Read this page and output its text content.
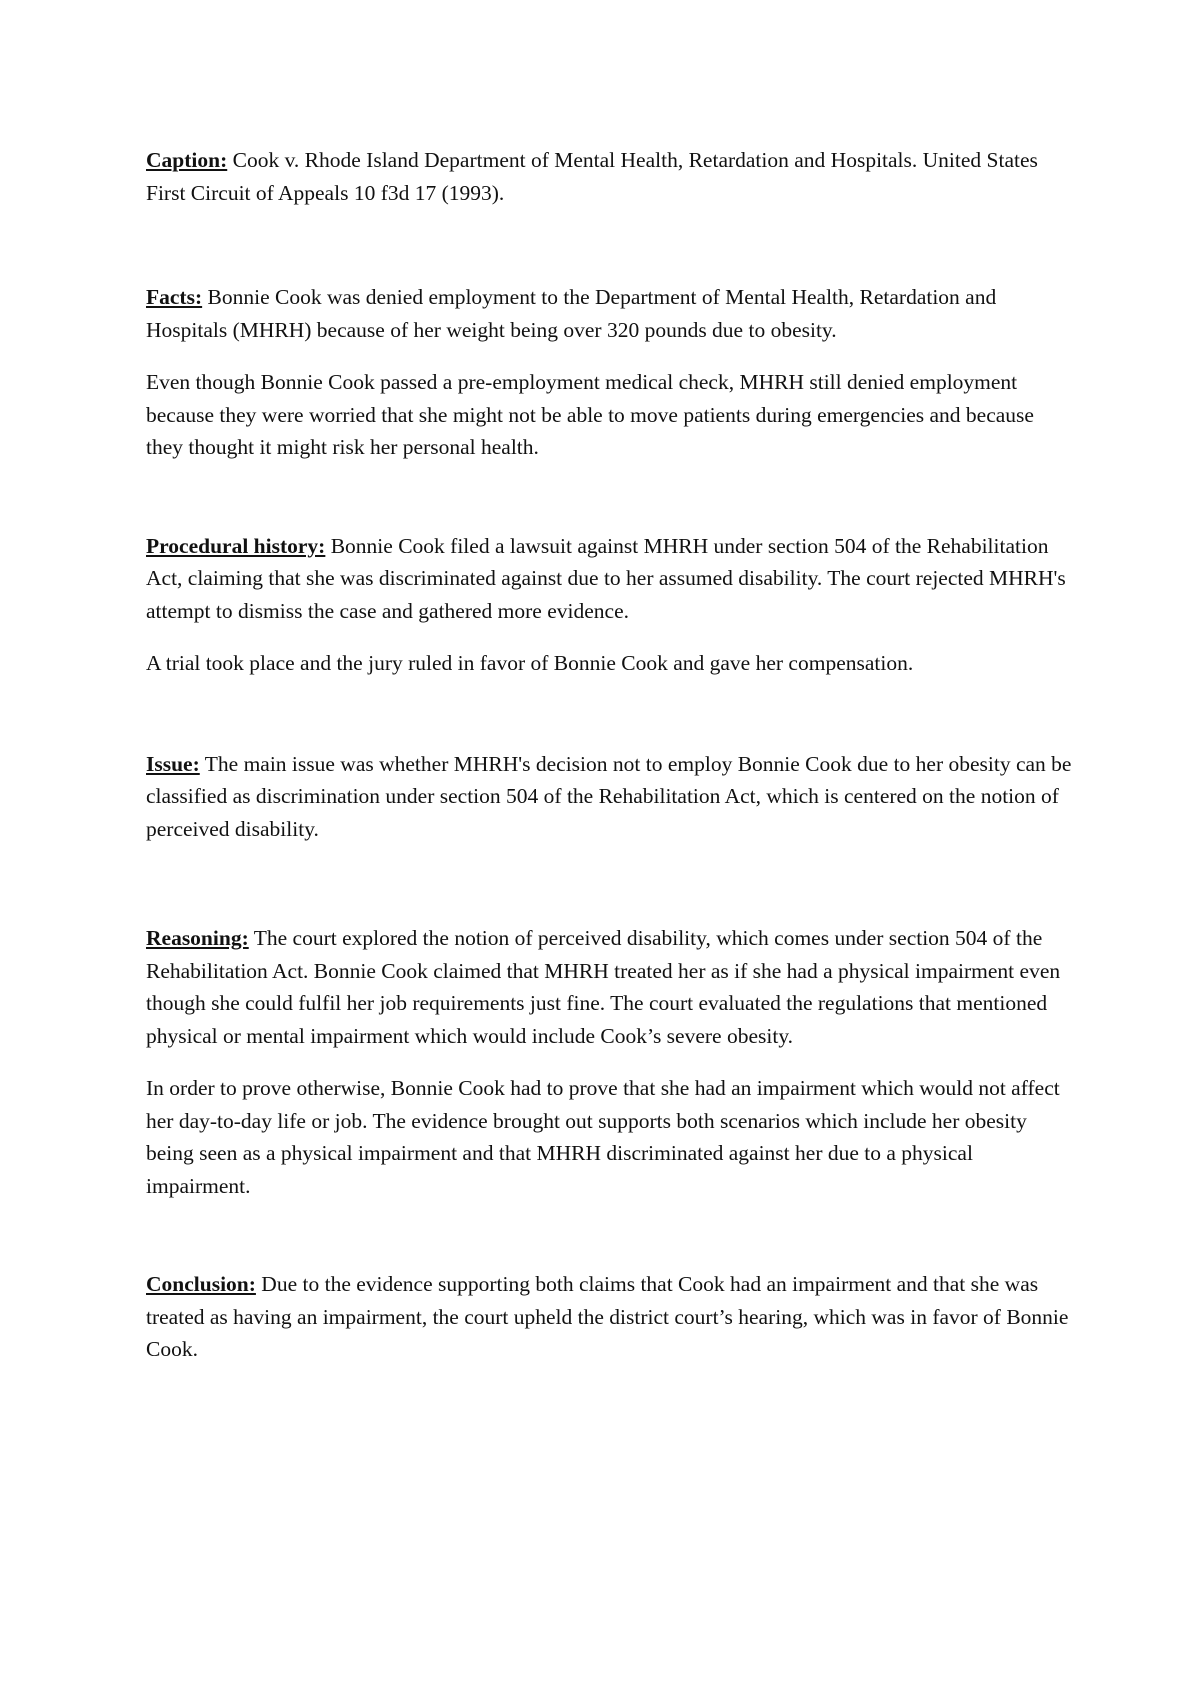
Caption: Cook v. Rhode Island Department of Mental Health, Retardation and Hospitals. United States First Circuit of Appeals 10 f3d 17 (1993).

Facts: Bonnie Cook was denied employment to the Department of Mental Health, Retardation and Hospitals (MHRH) because of her weight being over 320 pounds due to obesity.

Even though Bonnie Cook passed a pre-employment medical check, MHRH still denied employment because they were worried that she might not be able to move patients during emergencies and because they thought it might risk her personal health.

Procedural history: Bonnie Cook filed a lawsuit against MHRH under section 504 of the Rehabilitation Act, claiming that she was discriminated against due to her assumed disability. The court rejected MHRH's attempt to dismiss the case and gathered more evidence.

A trial took place and the jury ruled in favor of Bonnie Cook and gave her compensation.

Issue: The main issue was whether MHRH's decision not to employ Bonnie Cook due to her obesity can be classified as discrimination under section 504 of the Rehabilitation Act, which is centered on the notion of perceived disability.

Reasoning: The court explored the notion of perceived disability, which comes under section 504 of the Rehabilitation Act. Bonnie Cook claimed that MHRH treated her as if she had a physical impairment even though she could fulfil her job requirements just fine. The court evaluated the regulations that mentioned physical or mental impairment which would include Cook’s severe obesity.

In order to prove otherwise, Bonnie Cook had to prove that she had an impairment which would not affect her day-to-day life or job. The evidence brought out supports both scenarios which include her obesity being seen as a physical impairment and that MHRH discriminated against her due to a physical impairment.

Conclusion: Due to the evidence supporting both claims that Cook had an impairment and that she was treated as having an impairment, the court upheld the district court’s hearing, which was in favor of Bonnie Cook.
